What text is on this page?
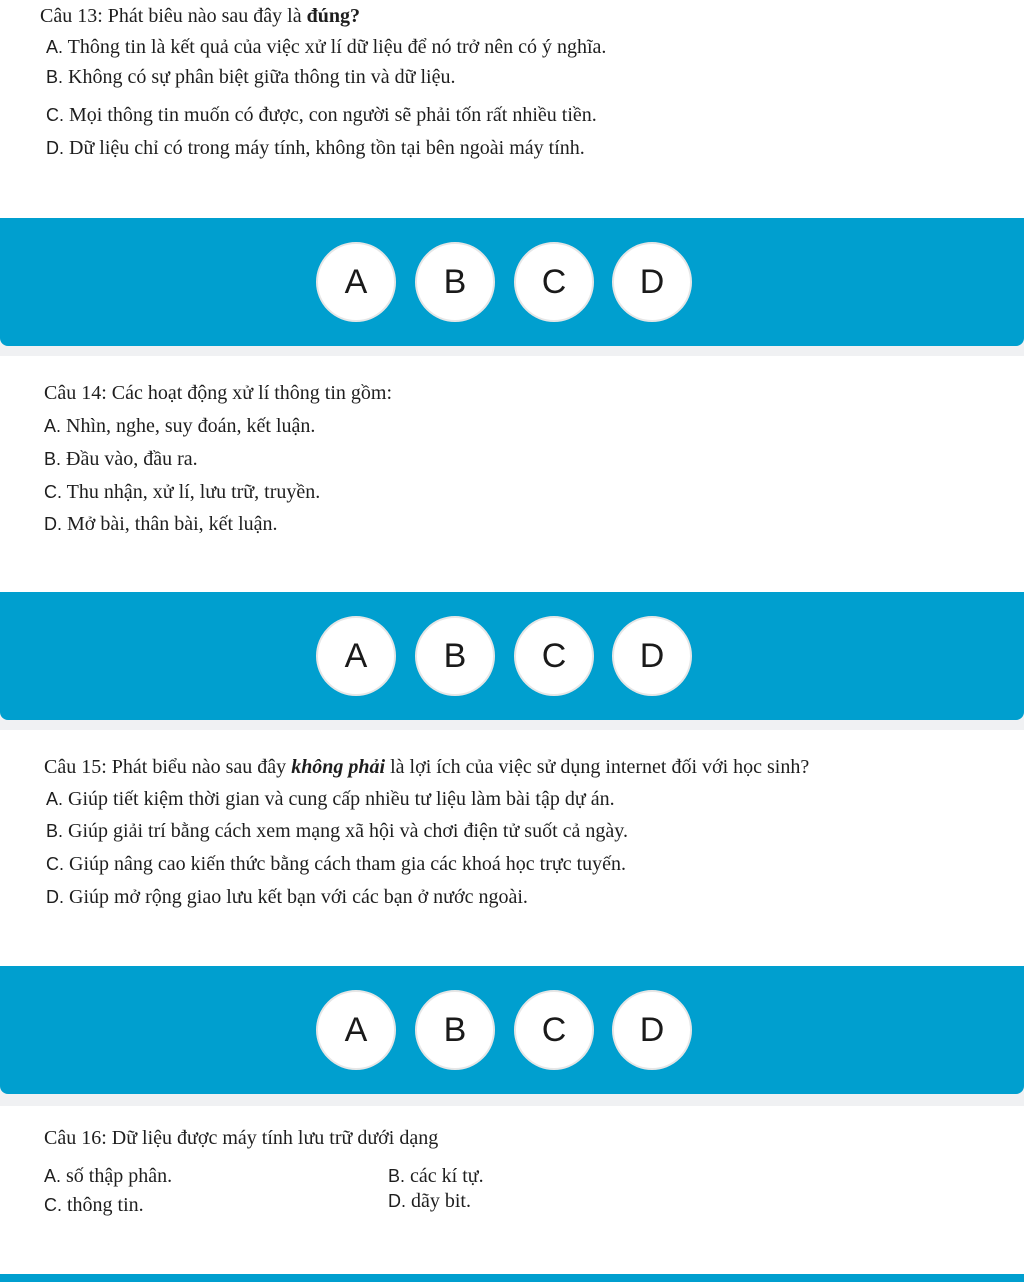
Câu 13: Phát biêu nào sau đây là đúng?
A. Thông tin là kết quả của việc xử lí dữ liệu để nó trở nên có ý nghĩa.
B. Không có sự phân biệt giữa thông tin và dữ liệu.
C. Mọi thông tin muốn có được, con người sẽ phải tốn rất nhiều tiền.
D. Dữ liệu chỉ có trong máy tính, không tồn tại bên ngoài máy tính.
A	B	C	D
Câu 14: Các hoạt động xử lí thông tin gồm:
A. Nhìn, nghe, suy đoán, kết luận.
B. Đầu vào, đầu ra.
C. Thu nhận, xử lí, lưu trữ, truyền.
D. Mở bài, thân bài, kết luận.
A	B	C	D
Câu 15: Phát biểu nào sau đây không phải là lợi ích của việc sử dụng internet đối với học sinh?
A. Giúp tiết kiệm thời gian và cung cấp nhiều tư liệu làm bài tập dự án.
B. Giúp giải trí bằng cách xem mạng xã hội và chơi điện tử suốt cả ngày.
C. Giúp nâng cao kiến thức bằng cách tham gia các khoá học trực tuyến.
D. Giúp mở rộng giao lưu kết bạn với các bạn ở nước ngoài.
A	B	C	D
Câu 16: Dữ liệu được máy tính lưu trữ dưới dạng
A. số thập phân.	B. các kí tự.
C. thông tin.	D. dãy bit.
